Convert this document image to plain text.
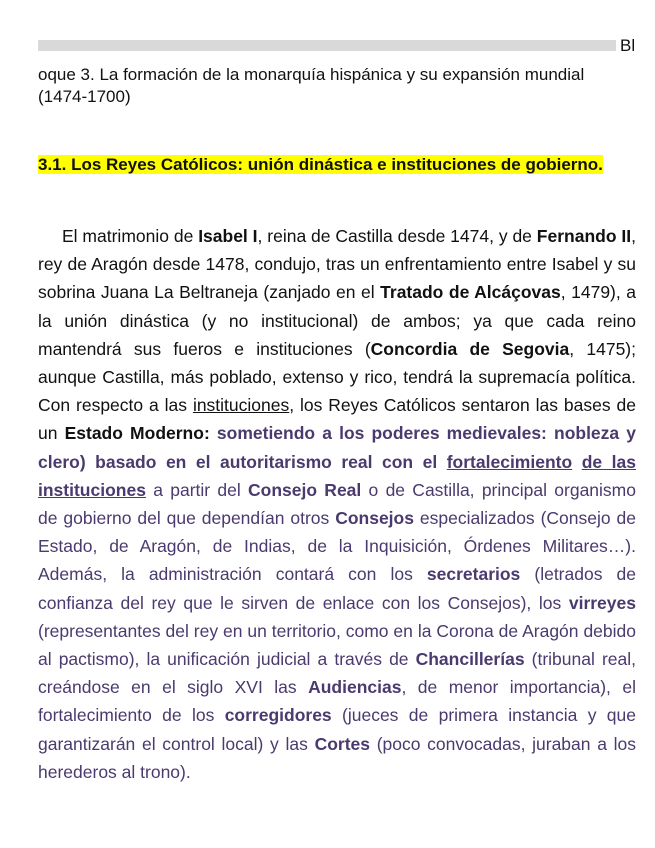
Bl
oque 3. La formación de la monarquía hispánica y su expansión mundial (1474-1700)
3.1. Los Reyes Católicos: unión dinástica e instituciones de gobierno.

El matrimonio de Isabel I, reina de Castilla desde 1474, y de Fernando II, rey de Aragón desde 1478, condujo, tras un enfrentamiento entre Isabel y su sobrina Juana La Beltraneja (zanjado en el Tratado de Alcáçovas, 1479), a la unión dinástica (y no institucional) de ambos; ya que cada reino mantendrá sus fueros e instituciones (Concordia de Segovia, 1475); aunque Castilla, más poblado, extenso y rico, tendrá la supremacía política. Con respecto a las instituciones, los Reyes Católicos sentaron las bases de un Estado Moderno: sometiendo a los poderes medievales: nobleza y clero) basado en el autoritarismo real con el fortalecimiento de las instituciones a partir del Consejo Real o de Castilla, principal organismo de gobierno del que dependían otros Consejos especializados (Consejo de Estado, de Aragón, de Indias, de la Inquisición, Órdenes Militares…). Además, la administración contará con los secretarios (letrados de confianza del rey que le sirven de enlace con los Consejos), los virreyes (representantes del rey en un territorio, como en la Corona de Aragón debido al pactismo), la unificación judicial a través de Chancillerías (tribunal real, creándose en el siglo XVI las Audiencias, de menor importancia), el fortalecimiento de los corregidores (jueces de primera instancia y que garantizarán el control local) y las Cortes (poco convocadas, juraban a los herederos al trono).
